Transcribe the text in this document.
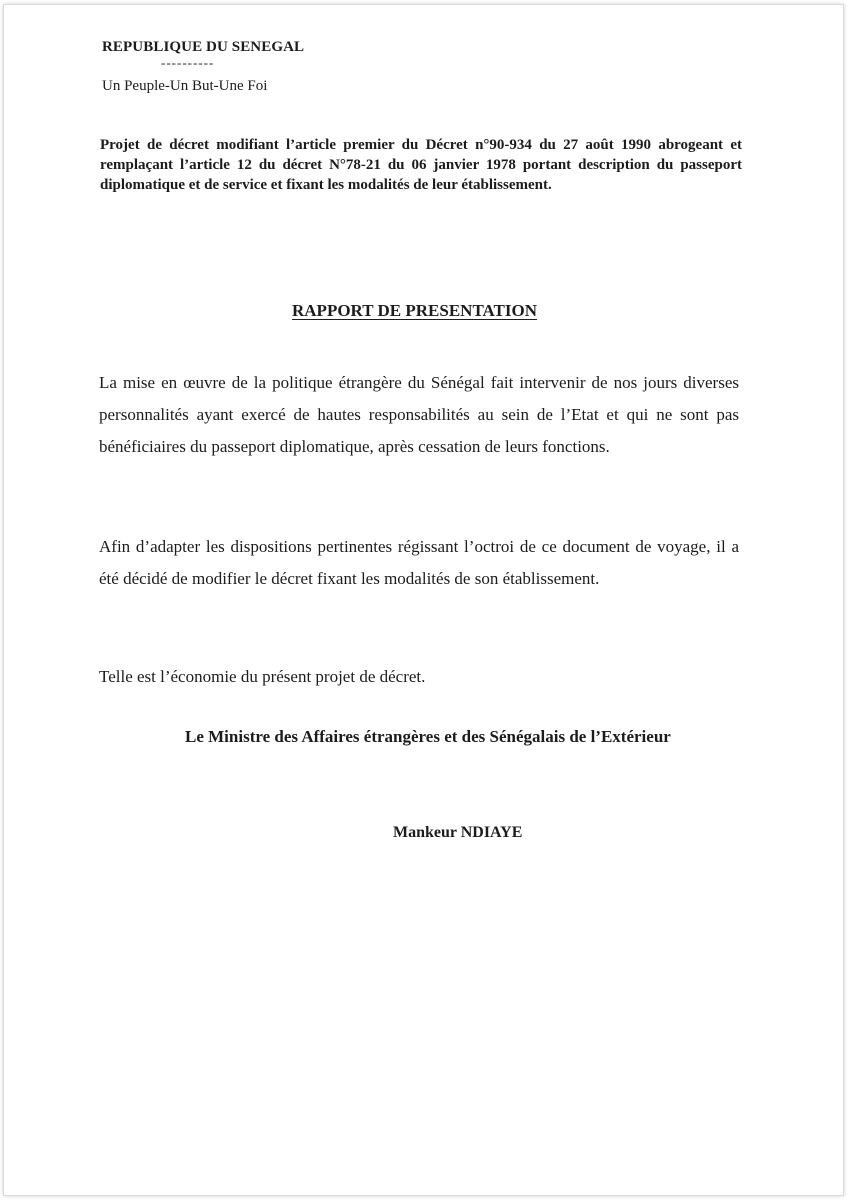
REPUBLIQUE DU SENEGAL

----------

Un Peuple-Un But-Une Foi

Projet de décret modifiant l’article premier du Décret n°90-934 du 27 août 1990 abrogeant et remplaçant l’article 12 du décret N°78-21 du 06 janvier 1978 portant description du passeport diplomatique et de service et fixant les modalités de leur établissement.

RAPPORT DE PRESENTATION

La mise en œuvre de la politique étrangère du Sénégal fait intervenir de nos jours diverses personnalités ayant exercé de hautes responsabilités au sein de l’Etat et qui ne sont pas bénéficiaires du passeport diplomatique, après cessation de leurs fonctions.

Afin d’adapter les dispositions pertinentes régissant l’octroi de ce document de voyage, il a été décidé de modifier le décret fixant les modalités de son établissement.

Telle est l’économie du présent projet de décret.

Le Ministre des Affaires étrangères et des Sénégalais de l’Extérieur

Mankeur NDIAYE
